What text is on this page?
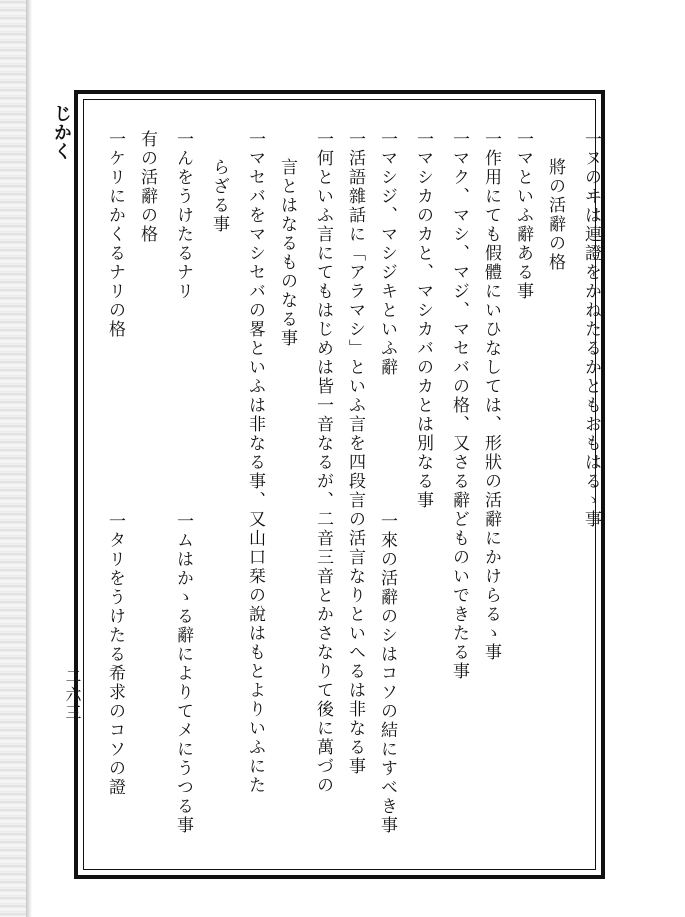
じかく
二六三
一ヌのヰは連證をかねたるかともおもはるゝ事
將の活辭の格
一マといふ辭ある事
一作用にても假體にいひなしては、形狀の活辭にかけらるゝ事
一マク、マシ、マジ、マセバの格、又さる辭どものいできたる事
一マシカのカと、マシカバのカとは別なる事
一マシジ、マシジキといふ辭
一來の活辭のシはコソの結にすべき事
一活語雜話に「アラマシ」といふ言を四段言の活言なりといへるは非なる事
一何といふ言にてもはじめは皆一音なるが、二音三音とかさなりて後に萬づの
言とはなるものなる事
一マセバをマシセバの畧といふは非なる事、又山口栞の說はもとよりいふにた
らざる事
一んをうけたるナリ
一ムはかゝる辭によりてメにうつる事
有の活辭の格
一ケリにかくるナリの格
一タリをうけたる希求のコソの證
